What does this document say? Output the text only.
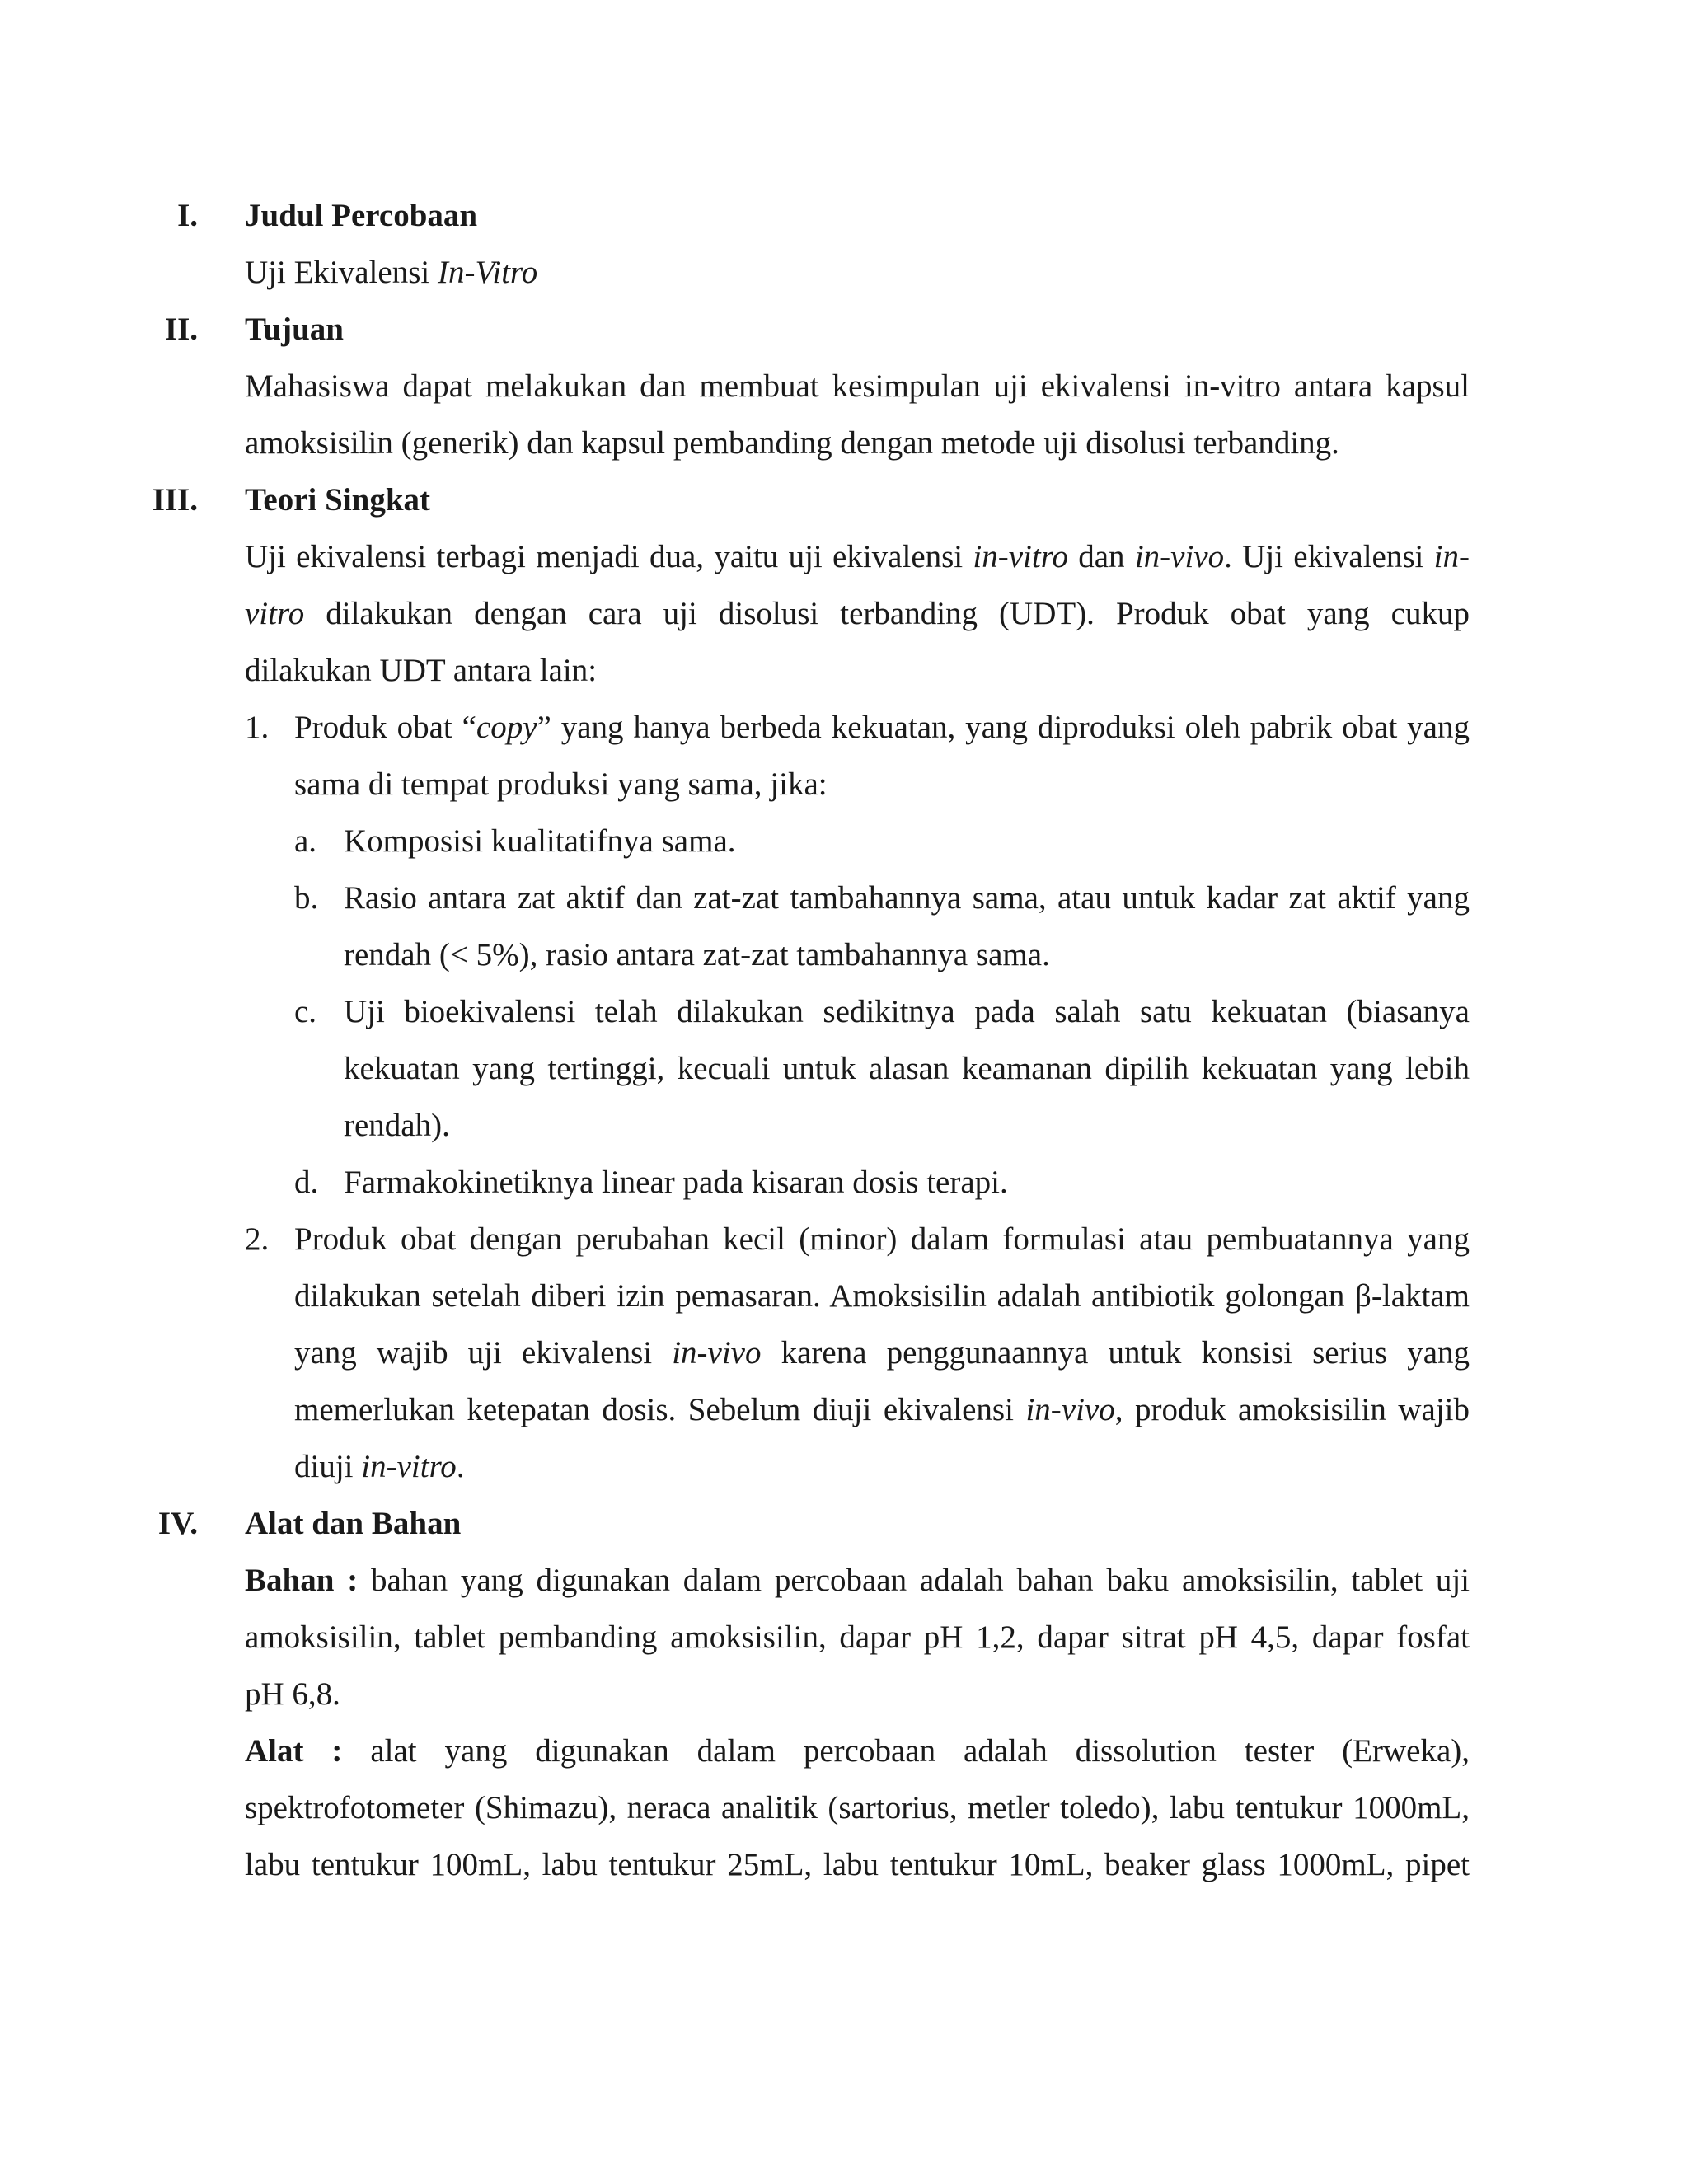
I. Judul Percobaan
Uji Ekivalensi In-Vitro
II. Tujuan
Mahasiswa dapat melakukan dan membuat kesimpulan uji ekivalensi in-vitro antara kapsul
amoksisilin (generik) dan kapsul pembanding dengan metode uji disolusi terbanding.
III. Teori Singkat
Uji ekivalensi terbagi menjadi dua, yaitu uji ekivalensi in-vitro dan in-vivo. Uji ekivalensi in-
vitro dilakukan dengan cara uji disolusi terbanding (UDT). Produk obat yang cukup
dilakukan UDT antara lain:
1. Produk obat “copy” yang hanya berbeda kekuatan, yang diproduksi oleh pabrik obat yang
sama di tempat produksi yang sama, jika:
a. Komposisi kualitatifnya sama.
b. Rasio antara zat aktif dan zat-zat tambahannya sama, atau untuk kadar zat aktif yang
rendah (< 5%), rasio antara zat-zat tambahannya sama.
c. Uji bioekivalensi telah dilakukan sedikitnya pada salah satu kekuatan (biasanya
kekuatan yang tertinggi, kecuali untuk alasan keamanan dipilih kekuatan yang lebih
rendah).
d. Farmakokinetiknya linear pada kisaran dosis terapi.
2. Produk obat dengan perubahan kecil (minor) dalam formulasi atau pembuatannya yang
dilakukan setelah diberi izin pemasaran. Amoksisilin adalah antibiotik golongan β-laktam
yang wajib uji ekivalensi in-vivo karena penggunaannya untuk konsisi serius yang
memerlukan ketepatan dosis. Sebelum diuji ekivalensi in-vivo, produk amoksisilin wajib
diuji in-vitro.
IV. Alat dan Bahan
Bahan : bahan yang digunakan dalam percobaan adalah bahan baku amoksisilin, tablet uji
amoksisilin, tablet pembanding amoksisilin, dapar pH 1,2, dapar sitrat pH 4,5, dapar fosfat
pH 6,8.
Alat : alat yang digunakan dalam percobaan adalah dissolution tester (Erweka),
spektrofotometer (Shimazu), neraca analitik (sartorius, metler toledo), labu tentukur 1000mL,
labu tentukur 100mL, labu tentukur 25mL, labu tentukur 10mL, beaker glass 1000mL, pipet
